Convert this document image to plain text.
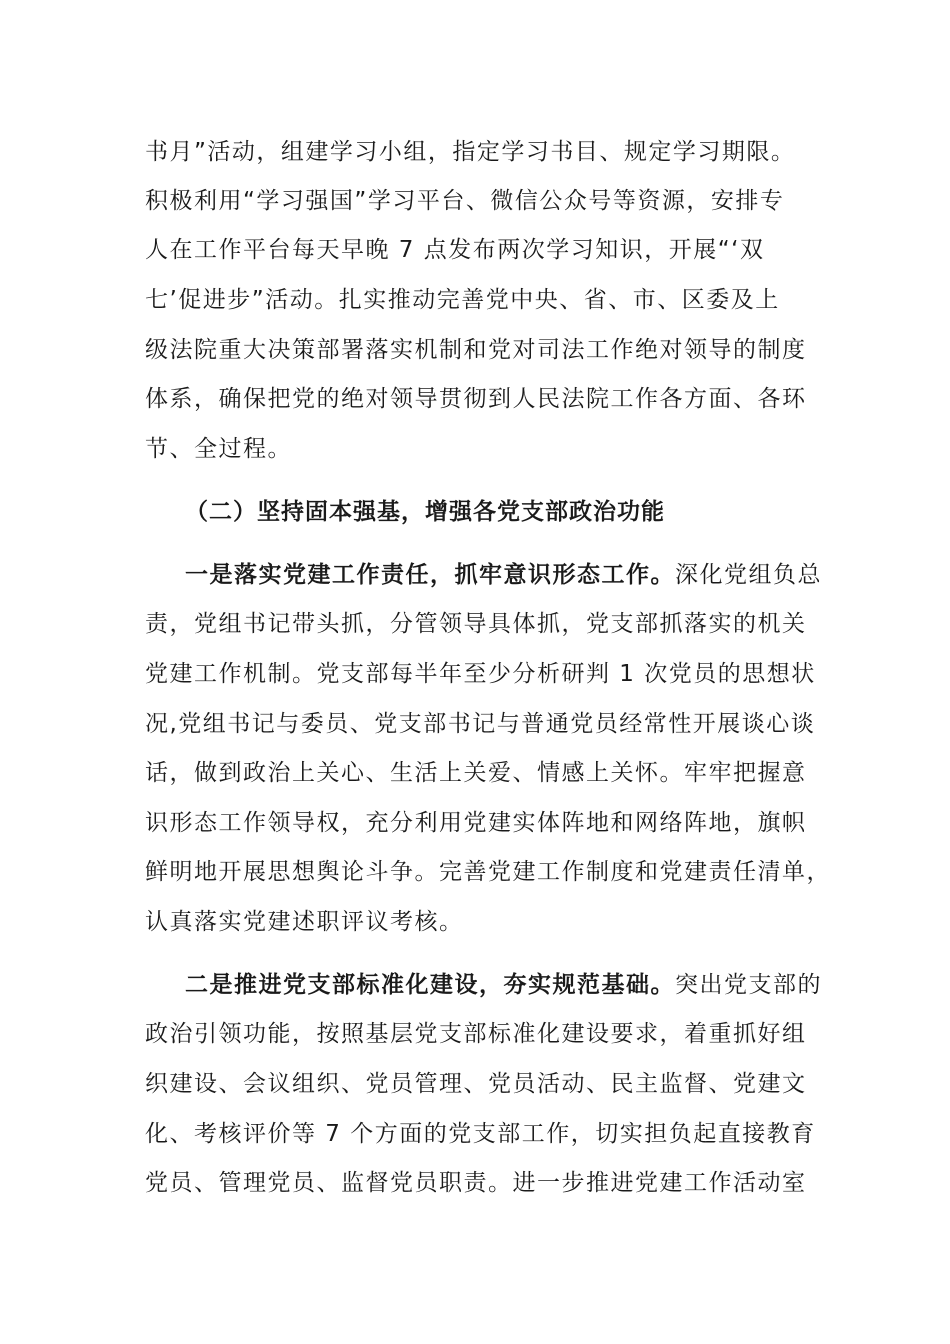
书月”活动，组建学习小组，指定学习书目、规定学习期限。
积极利用“学习强国”学习平台、微信公众号等资源，安排专
人在工作平台每天早晚 7 点发布两次学习知识，开展“‘双
七’促进步”活动。扎实推动完善党中央、省、市、区委及上
级法院重大决策部署落实机制和党对司法工作绝对领导的制度
体系，确保把党的绝对领导贯彻到人民法院工作各方面、各环
节、全过程。
（二）坚持固本强基，增强各党支部政治功能
一是落实党建工作责任，抓牢意识形态工作。深化党组负总
责，党组书记带头抓，分管领导具体抓，党支部抓落实的机关
党建工作机制。党支部每半年至少分析研判 1 次党员的思想状
况,党组书记与委员、党支部书记与普通党员经常性开展谈心谈
话，做到政治上关心、生活上关爱、情感上关怀。牢牢把握意
识形态工作领导权，充分利用党建实体阵地和网络阵地，旗帜
鲜明地开展思想舆论斗争。完善党建工作制度和党建责任清单，
认真落实党建述职评议考核。
二是推进党支部标准化建设，夯实规范基础。突出党支部的
政治引领功能，按照基层党支部标准化建设要求，着重抓好组
织建设、会议组织、党员管理、党员活动、民主监督、党建文
化、考核评价等 7 个方面的党支部工作，切实担负起直接教育
党员、管理党员、监督党员职责。进一步推进党建工作活动室
